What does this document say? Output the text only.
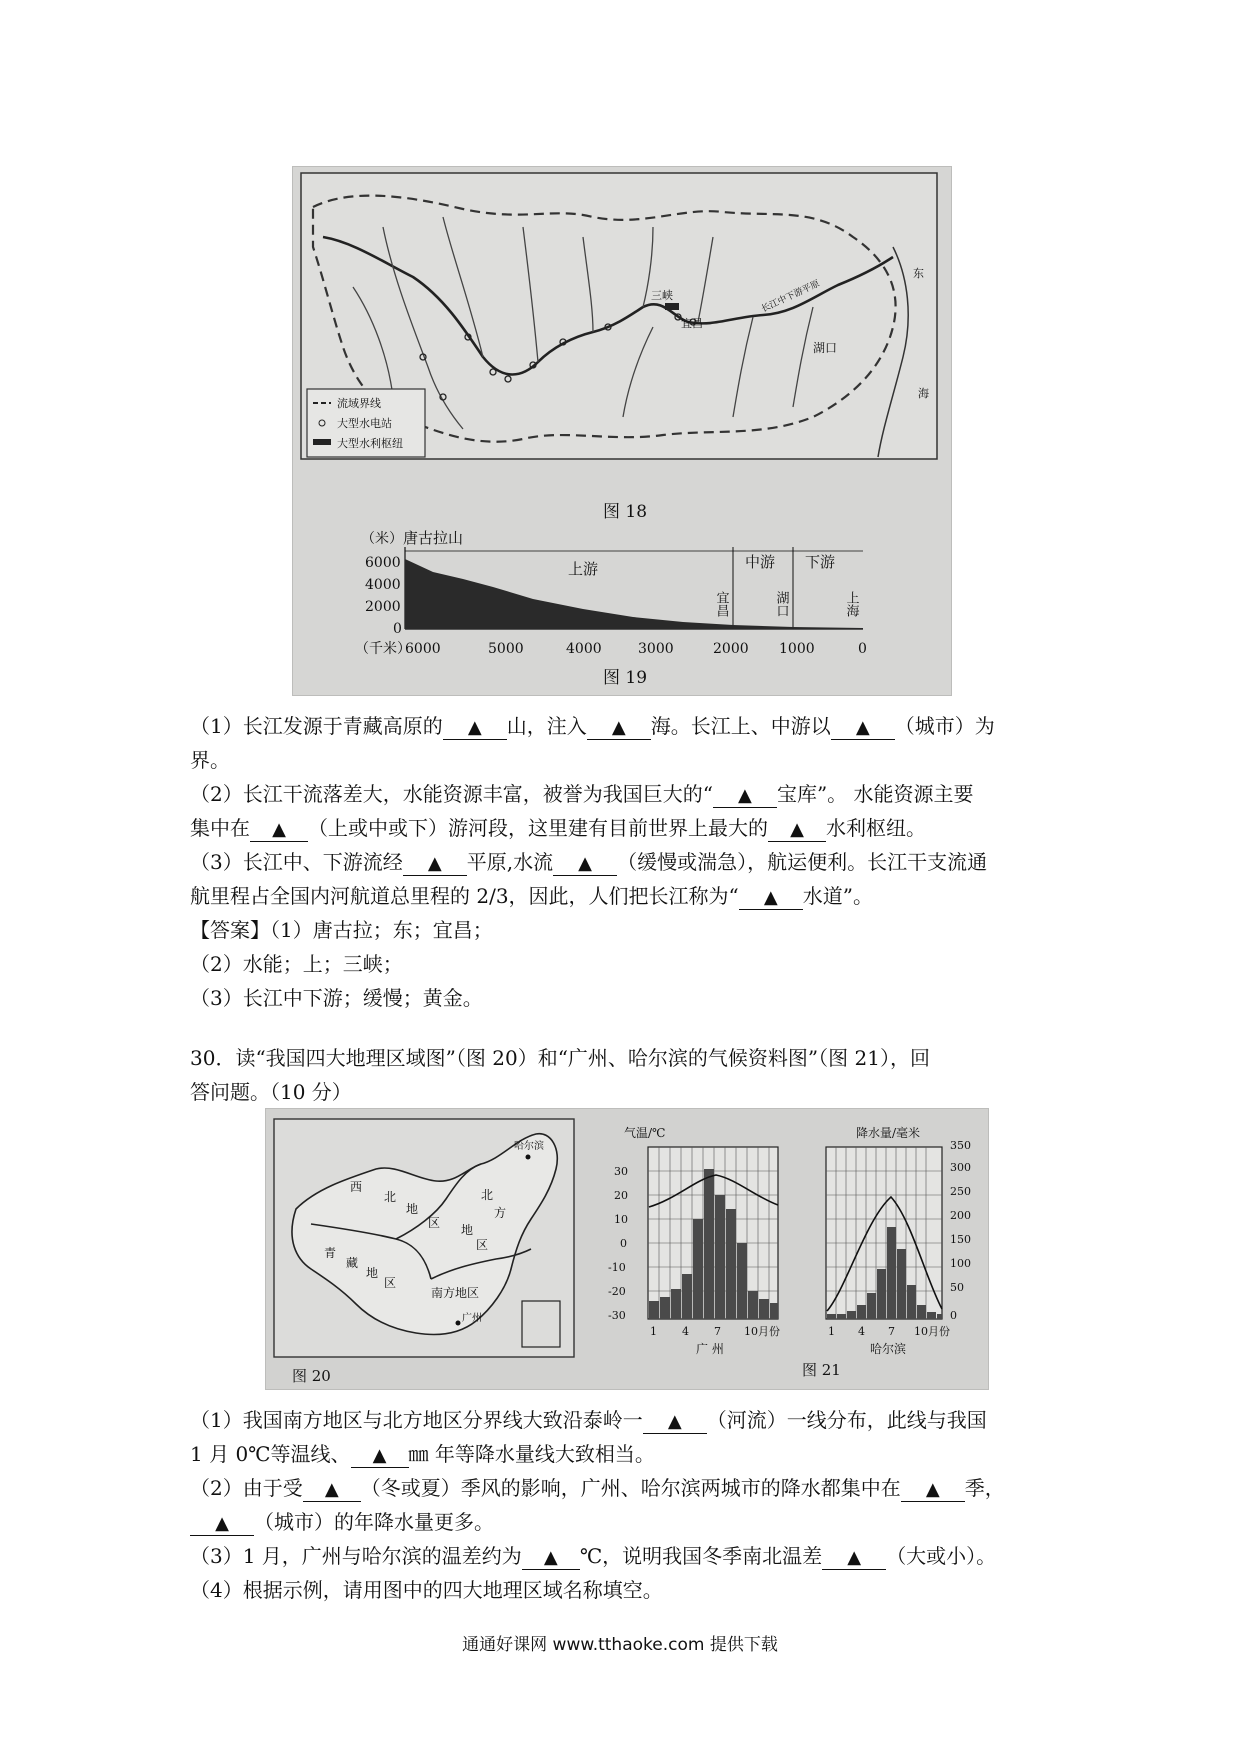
三峡
宜昌
湖口
长江中下游平原
东
海
流域界线
大型水电站
大型水利枢纽
图 18
（米） 唐古拉山
6000
4000
2000
0
上游	中游 下游
宜昌	湖口	上海
（千米）
6000	5000	4000	3000	2000 1000	0
图 19
（1）长江发源于青藏高原的 ▲ 山，注入 ▲ 海。长江上、中游以 ▲ （城市）为
界。
（2）长江干流落差大，水能资源丰富，被誉为我国巨大的“ ▲ 宝库”。 水能资源主要
集中在 ▲ （上或中或下）游河段，这里建有目前世界上最大的 ▲ 水利枢纽。
（3）长江中、下游流经 ▲ 平原,水流 ▲ （缓慢或湍急），航运便利。长江干支流通
航里程占全国内河航道总里程的 2/3，因此，人们把长江称为“ ▲ 水道”。
【答案】（1）唐古拉；东；宜昌；
（2）水能；上；三峡；
（3）长江中下游；缓慢；黄金。
30．读“我国四大地理区域图”（图 20）和“广州、哈尔滨的气候资料图”（图 21），回
答问题。（10 分）
西
北
地
区
青
藏
地
区
北
方
地
区
南方地区
哈尔滨
广州
图 20
气温/℃
30
20
10
0
-10
-20
-30
1 4 7 10月份
广 州
降水量/毫米
350
300
250
200
150
100
50
0
1 4 7 10月份
哈尔滨
图 21
（1）我国南方地区与北方地区分界线大致沿泰岭一 ▲ （河流）一线分布，此线与我国
1 月 0℃等温线、 ▲ ㎜ 年等降水量线大致相当。
（2）由于受 ▲ （冬或夏）季风的影响，广州、哈尔滨两城市的降水都集中在 ▲ 季，
▲ （城市）的年降水量更多。
（3）1 月，广州与哈尔滨的温差约为 ▲ ℃，说明我国冬季南北温差 ▲ （大或小）。
（4）根据示例，请用图中的四大地理区域名称填空。
通通好课网 www.tthaoke.com 提供下载
